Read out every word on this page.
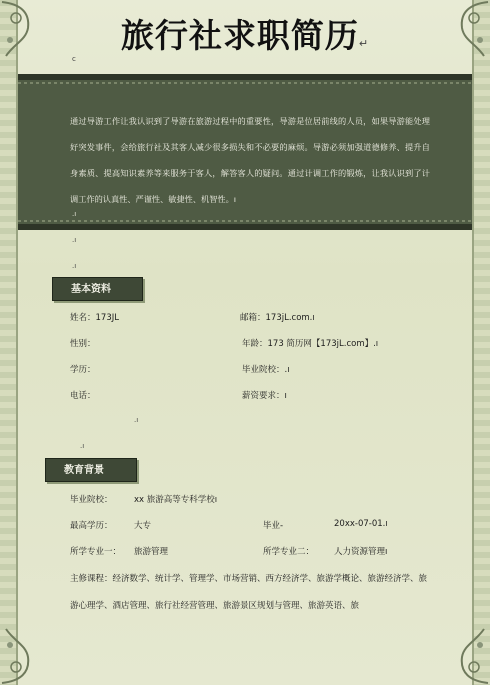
旅行社求职简历↵
c

通过导游工作让我认识到了导游在旅游过程中的重要性，导游是位居前线的人员，如果导游能处理好突发事件，会给旅行社及其客人减少很多损失和不必要的麻烦。导游必须加强道德修养、提升自身素质、提高知识素养等来服务于客人，解答客人的疑问。通过计调工作的锻炼，让我认识到了计调工作的认真性、严谨性、敏捷性、机智性。ı

.ı
.ı
.ı
基本资料
姓名：173JL	邮箱：173jL.com.ı
性别：	年龄：173 简历网【173jL.com】.ı
学历：	毕业院校：.ı
电话：	薪资要求：ı
.ı
.ı
教育背景
毕业院校：	xx 旅游高等专科学校ı
最高学历：	大专	毕业-	20xx-07-01.ı
所学专业一： 旅游管理	所学专业二： 人力资源管理ı

主修课程：经济数学、统计学、管理学、市场营销、西方经济学、旅游学概论、旅游经济学、旅游心理学、酒店管理、旅行社经营管理、旅游景区规划与管理、旅游英语、旅
